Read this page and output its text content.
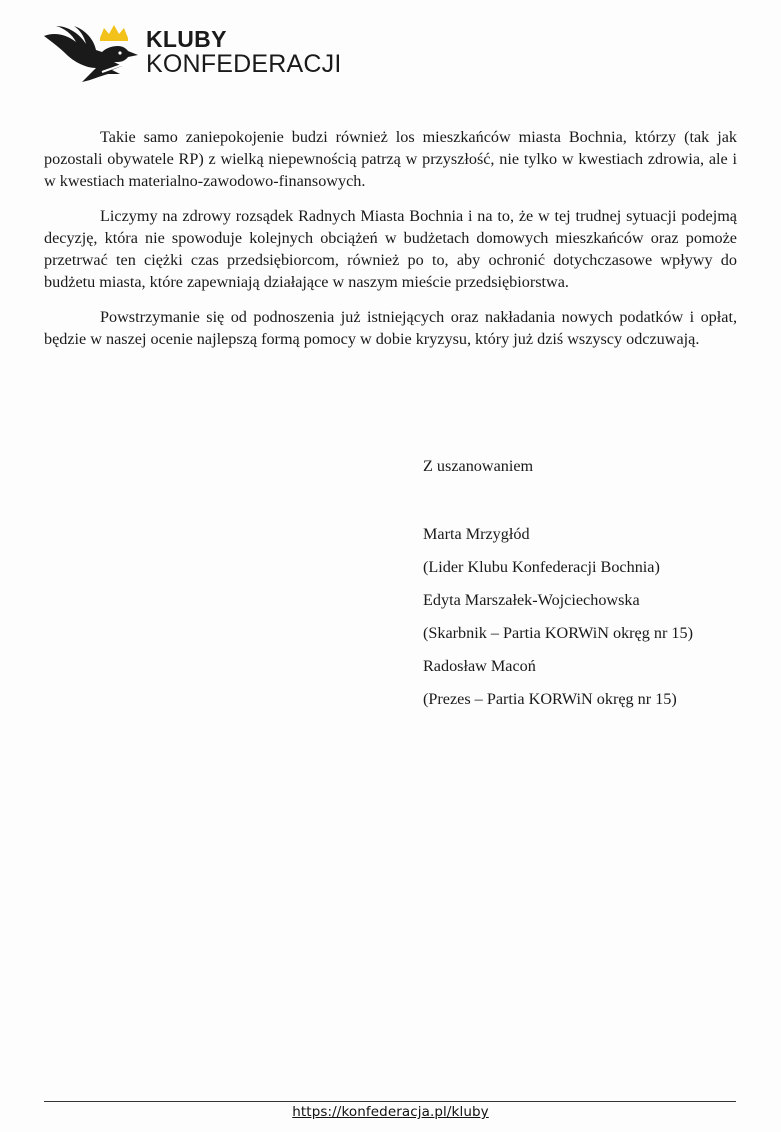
KLUBY
KONFEDERACJI

Takie samo zaniepokojenie budzi również los mieszkańców miasta Bochnia, którzy (tak jak pozostali obywatele RP) z wielką niepewnością patrzą w przyszłość, nie tylko w kwestiach zdrowia, ale i w kwestiach materialno-zawodowo-finansowych.

Liczymy na zdrowy rozsądek Radnych Miasta Bochnia i na to, że w tej trudnej sytuacji podejmą decyzję, która nie spowoduje kolejnych obciążeń w budżetach domowych mieszkańców oraz pomoże przetrwać ten ciężki czas przedsiębiorcom, również po to, aby ochronić dotychczasowe wpływy do budżetu miasta, które zapewniają działające w naszym mieście przedsiębiorstwa.

Powstrzymanie się od podnoszenia już istniejących oraz nakładania nowych podatków i opłat, będzie w naszej ocenie najlepszą formą pomocy w dobie kryzysu, który już dziś wszyscy odczuwają.

Z uszanowaniem
Marta Mrzygłód
(Lider Klubu Konfederacji Bochnia)
Edyta Marszałek-Wojciechowska
(Skarbnik – Partia KORWiN okręg nr 15)
Radosław Macoń
(Prezes – Partia KORWiN okręg nr 15)
https://konfederacja.pl/kluby
